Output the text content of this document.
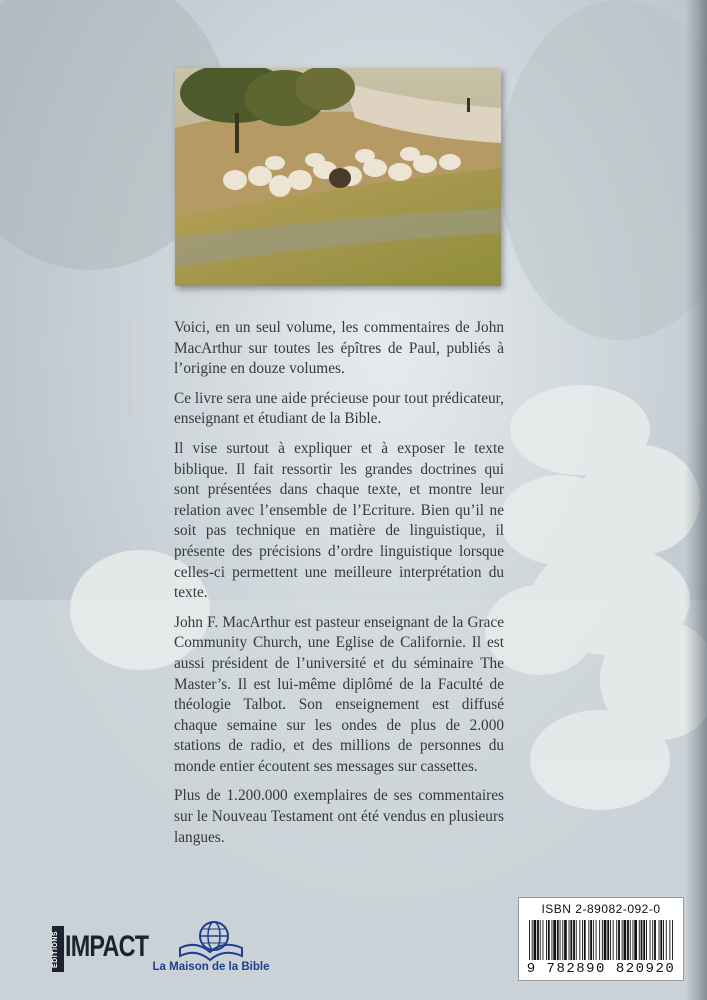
Voici, en un seul volume, les commentaires de John MacArthur sur toutes les épîtres de Paul, publiés à l’origine en douze volumes.

Ce livre sera une aide précieuse pour tout prédicateur, enseignant et étudiant de la Bible.

Il vise surtout à expliquer et à exposer le texte biblique. Il fait ressortir les grandes doctrines qui sont présentées dans chaque texte, et montre leur relation avec l’ensemble de l’Ecriture. Bien qu’il ne soit pas technique en matière de linguistique, il présente des précisions d’ordre linguistique lorsque celles-ci permettent une meilleure interprétation du texte.

John F. MacArthur est pasteur enseignant de la Grace Community Church, une Eglise de Californie. Il est aussi président de l’université et du séminaire The Master’s. Il est lui-même diplômé de la Faculté de théologie Talbot. Son enseignement est diffusé chaque semaine sur les ondes de plus de 2.000 stations de radio, et des millions de personnes du monde entier écoutent ses messages sur cassettes.

Plus de 1.200.000 exemplaires de ses commentaires sur le Nouveau Testament ont été vendus en plusieurs langues.

EDITIONS IMPACT
La Maison de la Bible
ISBN 2-89082-092-0
9 782890 820920
